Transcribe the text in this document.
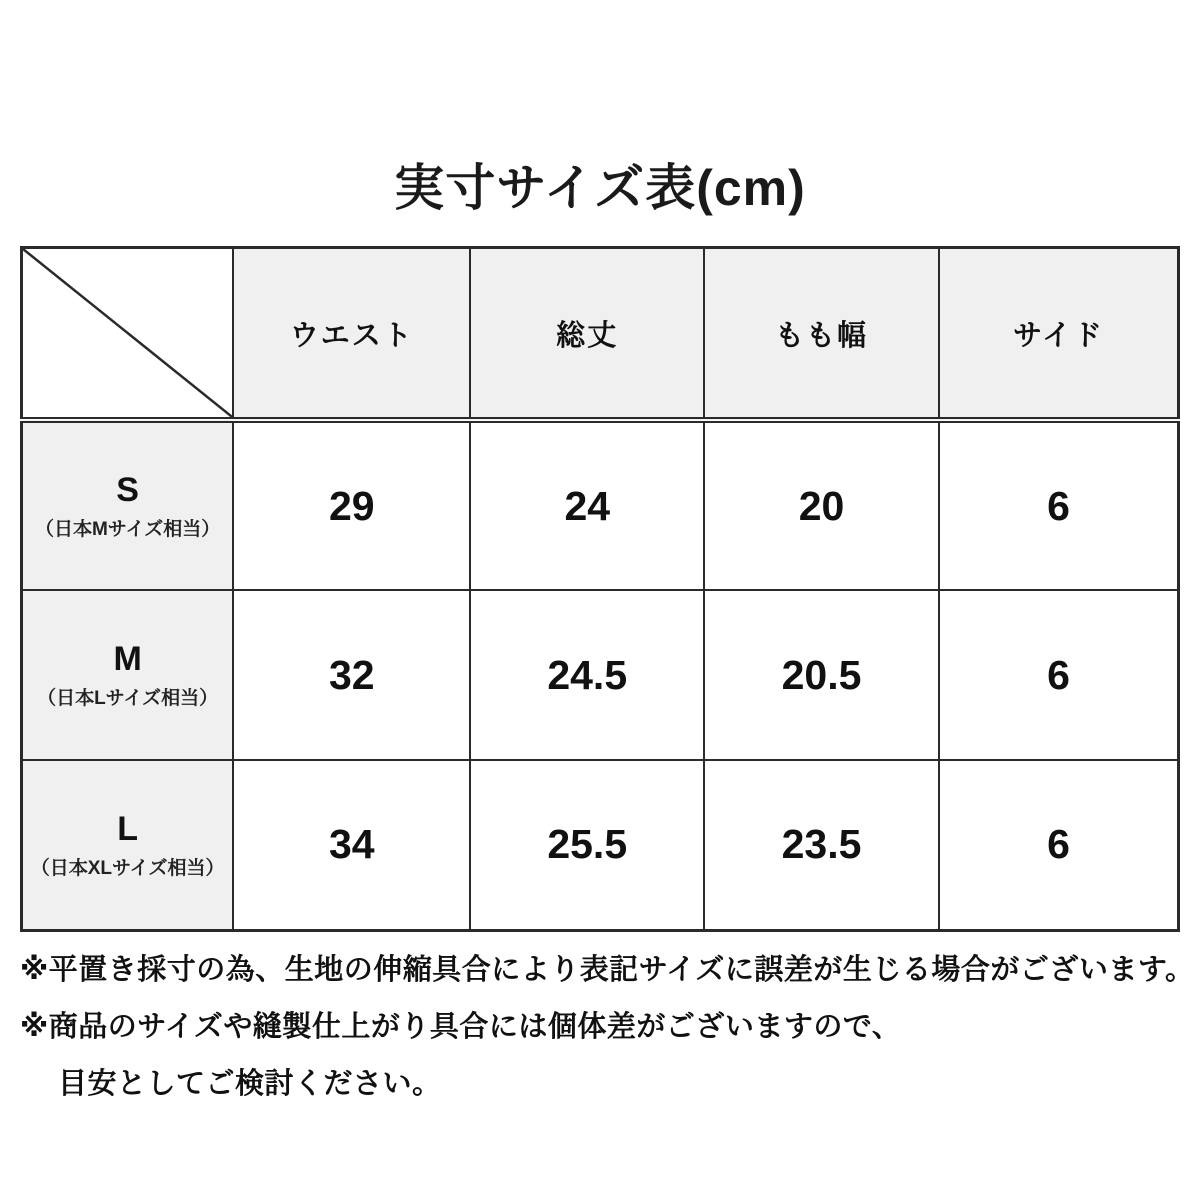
実寸サイズ表(cm)
	ウエスト	総丈	もも幅	サイド

S
（日本Mサイズ相当）	29	24	20	6

M
（日本Lサイズ相当）	32	24.5	20.5	6

L
（日本XLサイズ相当）	34	25.5	23.5	6

※平置き採寸の為、生地の伸縮具合により表記サイズに誤差が生じる場合がございます。

※商品のサイズや縫製仕上がり具合には個体差がございますので、

目安としてご検討ください。
